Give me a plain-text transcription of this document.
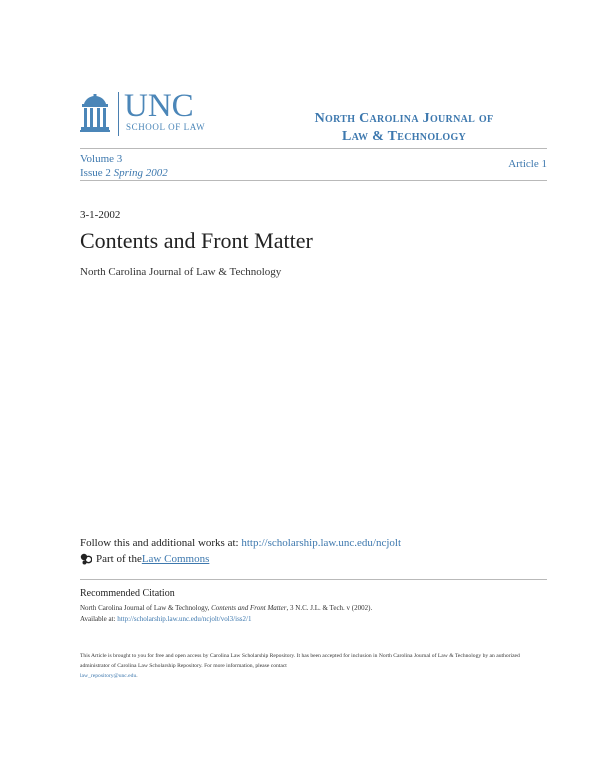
UNC
SCHOOL OF LAW
North Carolina Journal of
Law & Technology
Volume 3
Issue 2 Spring 2002
Article 1
3-1-2002
Contents and Front Matter
North Carolina Journal of Law & Technology
Follow this and additional works at: http://scholarship.law.unc.edu/ncjolt
Part of the Law Commons
Recommended Citation
North Carolina Journal of Law & Technology, Contents and Front Matter, 3 N.C. J.L. & Tech. v (2002).
Available at: http://scholarship.law.unc.edu/ncjolt/vol3/iss2/1
This Article is brought to you for free and open access by Carolina Law Scholarship Repository. It has been accepted for inclusion in North Carolina Journal of Law & Technology by an authorized administrator of Carolina Law Scholarship Repository. For more information, please contact
law_repository@unc.edu.
